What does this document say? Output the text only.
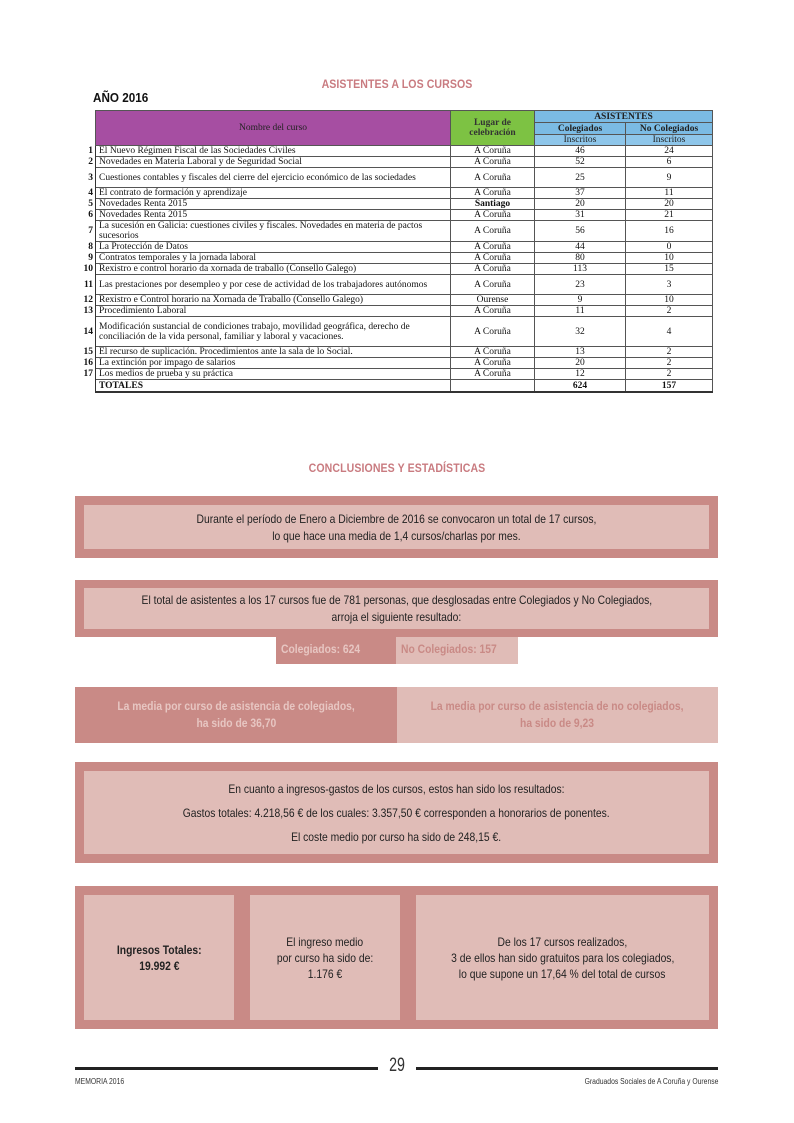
ASISTENTES A LOS CURSOS
AÑO 2016
	Nombre del curso	Lugar de celebración	ASISTENTES	
			Colegiados	No Colegiados
			Inscritos	Inscritos
1	El Nuevo Régimen Fiscal de las Sociedades Civiles	A Coruña	46	24
2	Novedades en Materia Laboral y de Seguridad Social	A Coruña	52	6
3	Cuestiones contables y fiscales del cierre del ejercicio económico de las sociedades	A Coruña	25	9
4	El contrato de formación y aprendizaje	A Coruña	37	11
5	Novedades Renta 2015	Santiago	20	20
6	Novedades Renta 2015	A Coruña	31	21
7	La sucesión en Galicia: cuestiones civiles y fiscales. Novedades en materia de pactos sucesorios	A Coruña	56	16
8	La Protección de Datos	A Coruña	44	0
9	Contratos temporales y la jornada laboral	A Coruña	80	10
10	Rexistro e control horario da xornada de traballo (Consello Galego)	A Coruña	113	15
11	Las prestaciones por desempleo y por cese de actividad de los trabajadores autónomos	A Coruña	23	3
12	Rexistro e Control horario na Xornada de Traballo (Consello Galego)	Ourense	9	10
13	Procedimiento Laboral	A Coruña	11	2
14	Modificación sustancial de condiciones trabajo, movilidad geográfica, derecho de conciliación de la vida personal, familiar y laboral y vacaciones.	A Coruña	32	4
15	El recurso de suplicación. Procedimientos ante la sala de lo Social.	A Coruña	13	2
16	La extinción por impago de salarios	A Coruña	20	2
17	Los medios de prueba y su práctica	A Coruña	12	2
	TOTALES		624	157
CONCLUSIONES Y ESTADÍSTICAS
Durante el período de Enero a Diciembre de 2016 se convocaron un total de 17 cursos,
lo que hace una media de 1,4 cursos/charlas por mes.
El total de asistentes a los 17 cursos fue de 781 personas, que desglosadas entre Colegiados y No Colegiados,
arroja el siguiente resultado:
Colegiados: 624	No Colegiados: 157
La media por curso de asistencia de colegiados,
ha sido de 36,70
La media por curso de asistencia de no colegiados,
ha sido de 9,23
En cuanto a ingresos-gastos de los cursos, estos han sido los resultados:
Gastos totales: 4.218,56 € de los cuales: 3.357,50 € corresponden a honorarios de ponentes.
El coste medio por curso ha sido de 248,15 €.
Ingresos Totales:
19.992 €
El ingreso medio
por curso ha sido de:
1.176 €
De los 17 cursos realizados,
3 de ellos han sido gratuitos para los colegiados,
lo que supone un 17,64 % del total de cursos
29
MEMORIA 2016	Graduados Sociales de A Coruña y Ourense
